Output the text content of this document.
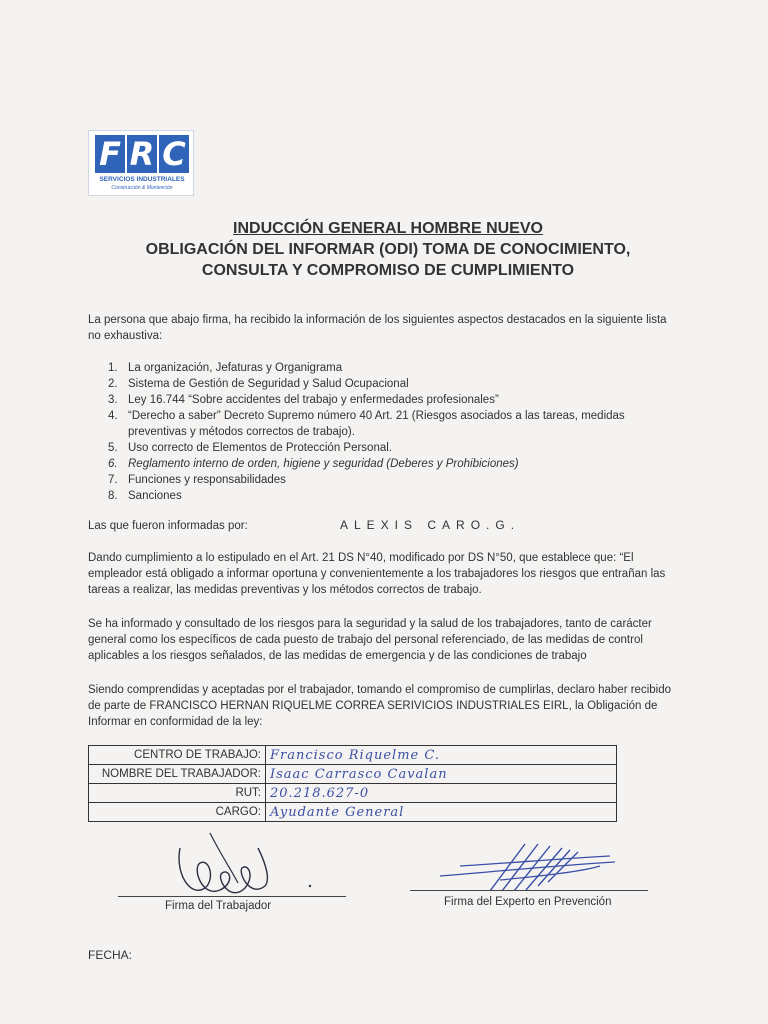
F R C
SERVICIOS INDUSTRIALES
Construcción & Montención
INDUCCIÓN GENERAL HOMBRE NUEVO
OBLIGACIÓN DEL INFORMAR (ODI) TOMA DE CONOCIMIENTO,
CONSULTA Y COMPROMISO DE CUMPLIMIENTO
La persona que abajo firma, ha recibido la información de los siguientes aspectos destacados en la siguiente lista no exhaustiva:
1. La organización, Jefaturas y Organigrama
2. Sistema de Gestión de Seguridad y Salud Ocupacional
3. Ley 16.744 “Sobre accidentes del trabajo y enfermedades profesionales”
4. “Derecho a saber” Decreto Supremo número 40 Art. 21 (Riesgos asociados a las tareas, medidas preventivas y métodos correctos de trabajo).
5. Uso correcto de Elementos de Protección Personal.
6. Reglamento interno de orden, higiene y seguridad (Deberes y Prohibiciones)
7. Funciones y responsabilidades
8. Sanciones
Las que fueron informadas por:	ALEXIS CARO.G.
Dando cumplimiento a lo estipulado en el Art. 21 DS N°40, modificado por DS N°50, que establece que: “El empleador está obligado a informar oportuna y convenientemente a los trabajadores los riesgos que entrañan las tareas a realizar, las medidas preventivas y los métodos correctos de trabajo.
Se ha informado y consultado de los riesgos para la seguridad y la salud de los trabajadores, tanto de carácter general como los específicos de cada puesto de trabajo del personal referenciado, de las medidas de control aplicables a los riesgos señalados, de las medidas de emergencia y de las condiciones de trabajo
Siendo comprendidas y aceptadas por el trabajador, tomando el compromiso de cumplirlas, declaro haber recibido de parte de FRANCISCO HERNAN RIQUELME CORREA SERIVICIOS INDUSTRIALES EIRL, la Obligación de Informar en conformidad de la ley:
CENTRO DE TRABAJO:	Francisco Riquelme C.
NOMBRE DEL TRABAJADOR:	Isaac Carrasco Cavalan
RUT:	20.218.627-0
CARGO:	Ayudante General
Firma del Trabajador	Firma del Experto en Prevención
FECHA:
